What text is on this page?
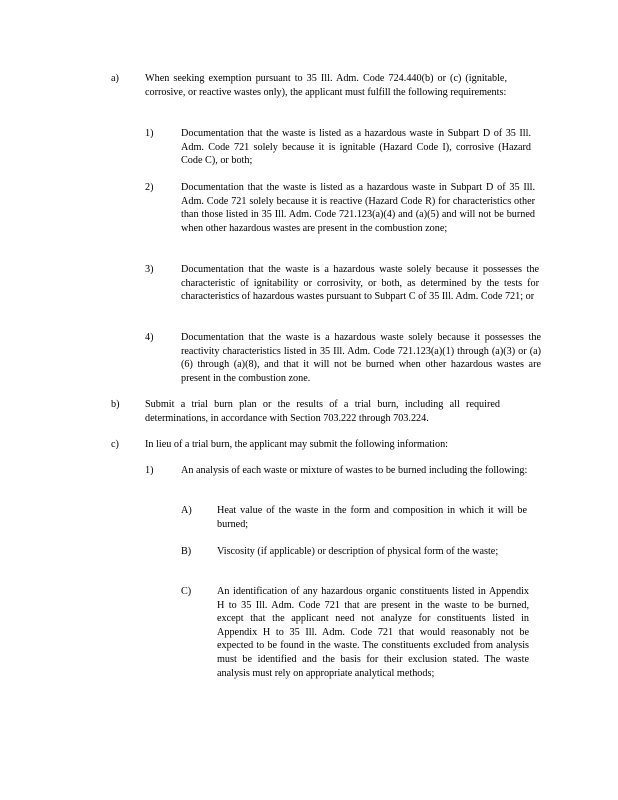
a)	When seeking exemption pursuant to 35 Ill. Adm. Code 724.440(b) or (c) (ignitable, corrosive, or reactive wastes only), the applicant must fulfill the following requirements:

1)	Documentation that the waste is listed as a hazardous waste in Subpart D of 35 Ill. Adm. Code 721 solely because it is ignitable (Hazard Code I), corrosive (Hazard Code C), or both;

2)	Documentation that the waste is listed as a hazardous waste in Subpart D of 35 Ill. Adm. Code 721 solely because it is reactive (Hazard Code R) for characteristics other than those listed in 35 Ill. Adm. Code 721.123(a)(4) and (a)(5) and will not be burned when other hazardous wastes are present in the combustion zone;

3)	Documentation that the waste is a hazardous waste solely because it possesses the characteristic of ignitability or corrosivity, or both, as determined by the tests for characteristics of hazardous wastes pursuant to Subpart C of 35 Ill. Adm. Code 721; or

4)	Documentation that the waste is a hazardous waste solely because it possesses the reactivity characteristics listed in 35 Ill. Adm. Code 721.123(a)(1) through (a)(3) or (a)(6) through (a)(8), and that it will not be burned when other hazardous wastes are present in the combustion zone.

b)	Submit a trial burn plan or the results of a trial burn, including all required determinations, in accordance with Section 703.222 through 703.224.

c)	In lieu of a trial burn, the applicant may submit the following information:

1)	An analysis of each waste or mixture of wastes to be burned including the following:

A) Heat value of the waste in the form and composition in which it will be burned;

B)	Viscosity (if applicable) or description of physical form of the waste;

C)	An identification of any hazardous organic constituents listed in Appendix H to 35 Ill. Adm. Code 721 that are present in the waste to be burned, except that the applicant need not analyze for constituents listed in Appendix H to 35 Ill. Adm. Code 721 that would reasonably not be expected to be found in the waste. The constituents excluded from analysis must be identified and the basis for their exclusion stated. The waste analysis must rely on appropriate analytical methods;
